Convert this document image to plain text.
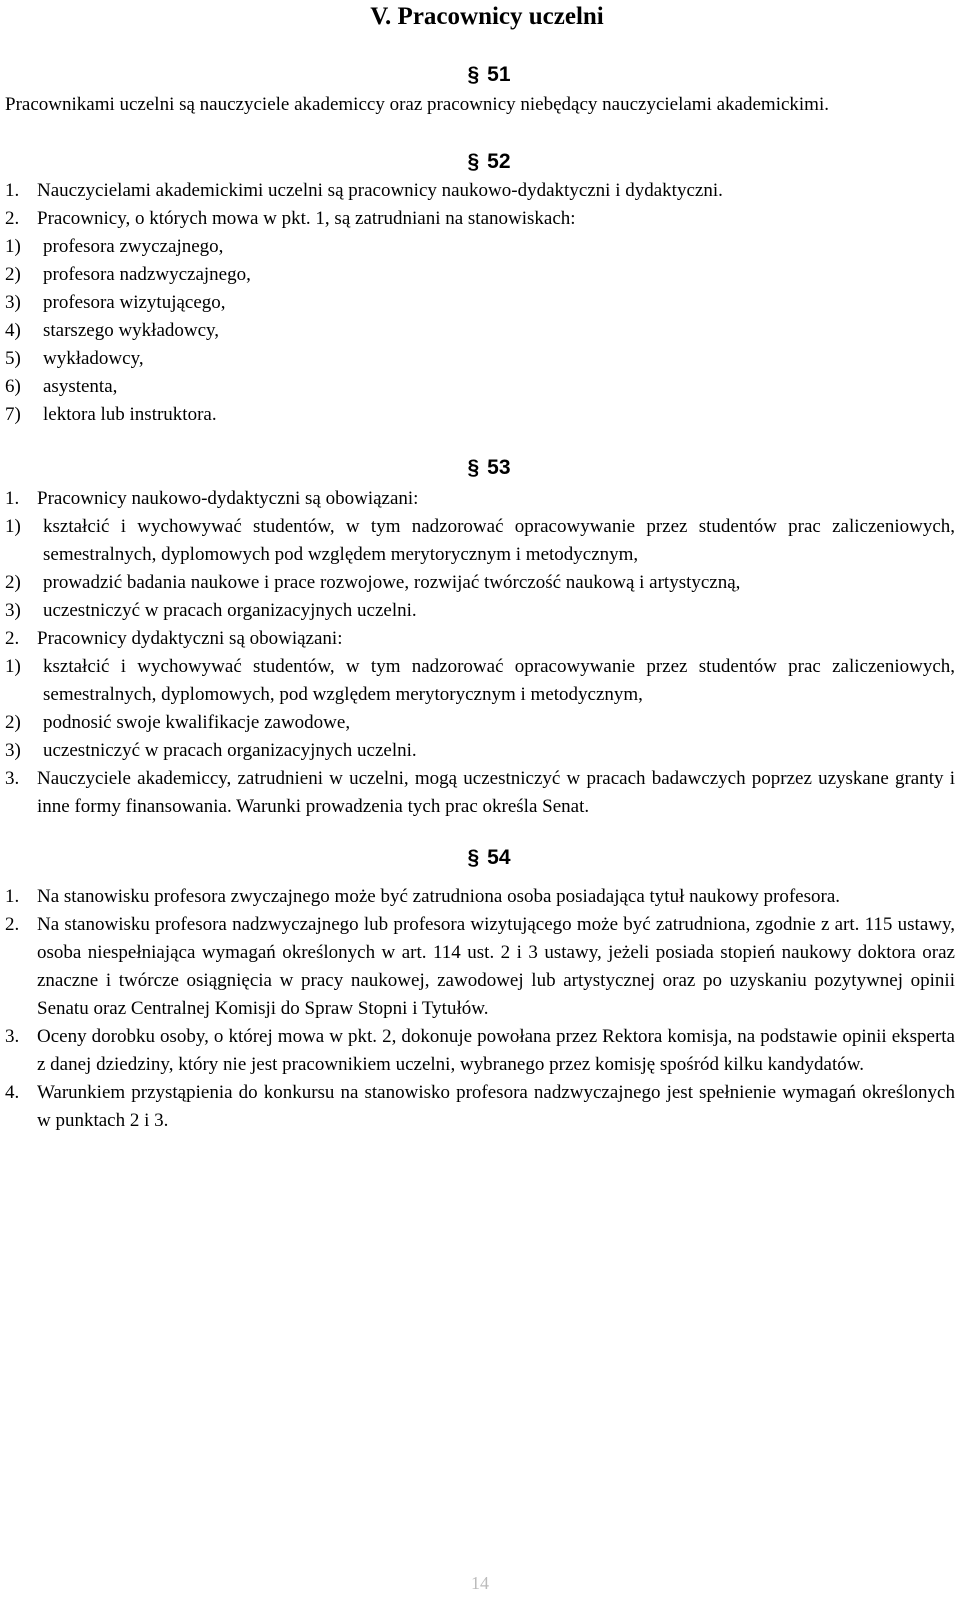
V. Pracownicy uczelni
§ 51

Pracownikami uczelni są nauczyciele akademiccy oraz pracownicy niebędący nauczycielami akademickimi.

§ 52
1. Nauczycielami akademickimi uczelni są pracownicy naukowo-dydaktyczni i dydaktyczni.
2. Pracownicy, o których mowa w pkt. 1, są zatrudniani na stanowiskach:
1)	profesora zwyczajnego,
2)	profesora nadzwyczajnego,
3)	profesora wizytującego,
4)	starszego wykładowcy,
5)	wykładowcy,
6)	asystenta,
7)	lektora lub instruktora.
§ 53
1. Pracownicy naukowo-dydaktyczni są obowiązani:
1)	kształcić i wychowywać studentów, w tym nadzorować opracowywanie przez studentów prac zaliczeniowych, semestralnych, dyplomowych pod względem merytorycznym i metodycznym,
2)	prowadzić badania naukowe i prace rozwojowe, rozwijać twórczość naukową i artystyczną,
3)	uczestniczyć w pracach organizacyjnych uczelni.
2. Pracownicy dydaktyczni są obowiązani:
1)	kształcić i wychowywać studentów, w tym nadzorować opracowywanie przez studentów prac zaliczeniowych, semestralnych, dyplomowych, pod względem merytorycznym i metodycznym,
2)	podnosić swoje kwalifikacje zawodowe,
3)	uczestniczyć w pracach organizacyjnych uczelni.
3. Nauczyciele akademiccy, zatrudnieni w uczelni, mogą uczestniczyć w pracach badawczych poprzez uzyskane granty i inne formy finansowania. Warunki prowadzenia tych prac określa Senat.
§ 54
1. Na stanowisku profesora zwyczajnego może być zatrudniona osoba posiadająca tytuł naukowy profesora.
2. Na stanowisku profesora nadzwyczajnego lub profesora wizytującego może być zatrudniona, zgodnie z art. 115 ustawy, osoba niespełniająca wymagań określonych w art. 114 ust. 2 i 3 ustawy, jeżeli posiada stopień naukowy doktora oraz znaczne i twórcze osiągnięcia w pracy naukowej, zawodowej lub artystycznej oraz po uzyskaniu pozytywnej opinii Senatu oraz Centralnej Komisji do Spraw Stopni i Tytułów.
3. Oceny dorobku osoby, o której mowa w pkt. 2, dokonuje powołana przez Rektora komisja, na podstawie opinii eksperta z danej dziedziny, który nie jest pracownikiem uczelni, wybranego przez komisję spośród kilku kandydatów.
4. Warunkiem przystąpienia do konkursu na stanowisko profesora nadzwyczajnego jest spełnienie wymagań określonych w punktach 2 i 3.
14
